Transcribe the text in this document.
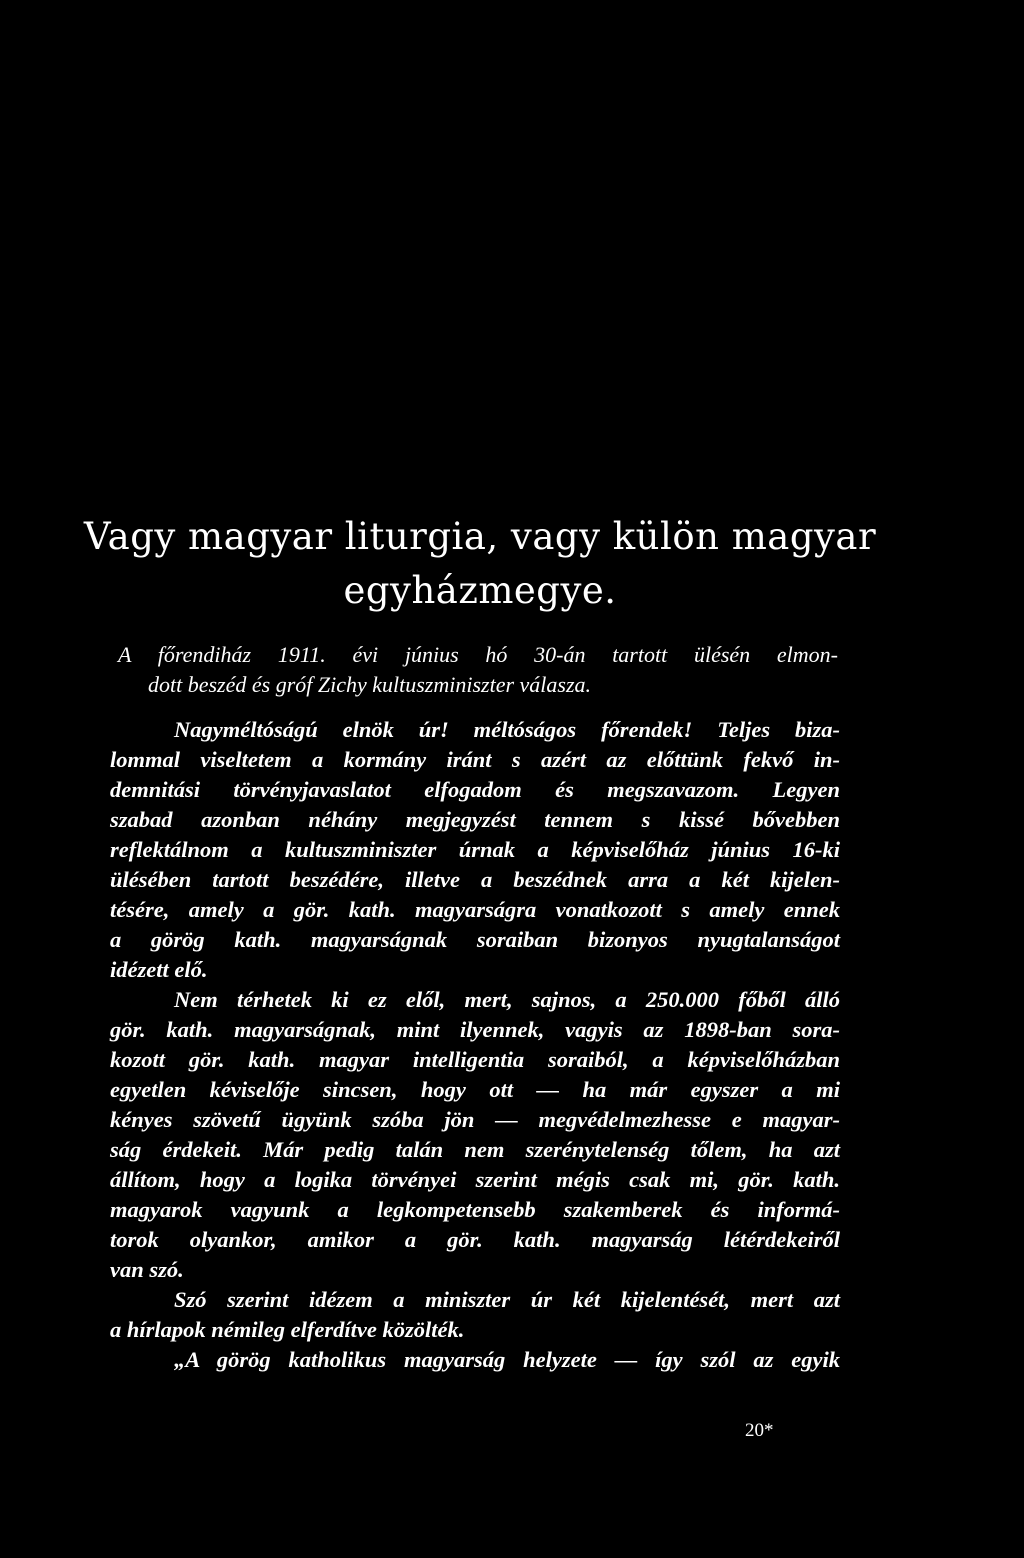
Vagy magyar liturgia, vagy külön magyar
egyházmegye.
A főrendiház 1911. évi június hó 30-án tartott ülésén elmon-
dott beszéd és gróf Zichy kultuszminiszter válasza.
Nagyméltóságú elnök úr! méltóságos főrendek! Teljes biza-
lommal viseltetem a kormány iránt s azért az előttünk fekvő in-
demnitási törvényjavaslatot elfogadom és megszavazom. Legyen
szabad azonban néhány megjegyzést tennem s kissé bővebben
reflektálnom a kultuszminiszter úrnak a képviselőház június 16-ki
ülésében tartott beszédére, illetve a beszédnek arra a két kijelen-
tésére, amely a gör. kath. magyarságra vonatkozott s amely ennek
a görög kath. magyarságnak soraiban bizonyos nyugtalanságot
idézett elő.
Nem térhetek ki ez elől, mert, sajnos, a 250.000 főből álló
gör. kath. magyarságnak, mint ilyennek, vagyis az 1898-ban sora-
kozott gör. kath. magyar intelligentia soraiból, a képviselőházban
egyetlen kéviselője sincsen, hogy ott — ha már egyszer a mi
kényes szövetű ügyünk szóba jön — megvédelmezhesse e magyar-
ság érdekeit. Már pedig talán nem szerénytelenség tőlem, ha azt
állítom, hogy a logika törvényei szerint mégis csak mi, gör. kath.
magyarok vagyunk a legkompetensebb szakemberek és informá-
torok olyankor, amikor a gör. kath. magyarság létérdekeiről
van szó.
Szó szerint idézem a miniszter úr két kijelentését, mert azt
a hírlapok némileg elferdítve közölték.
„A görög katholikus magyarság helyzete — így szól az egyik
20*
